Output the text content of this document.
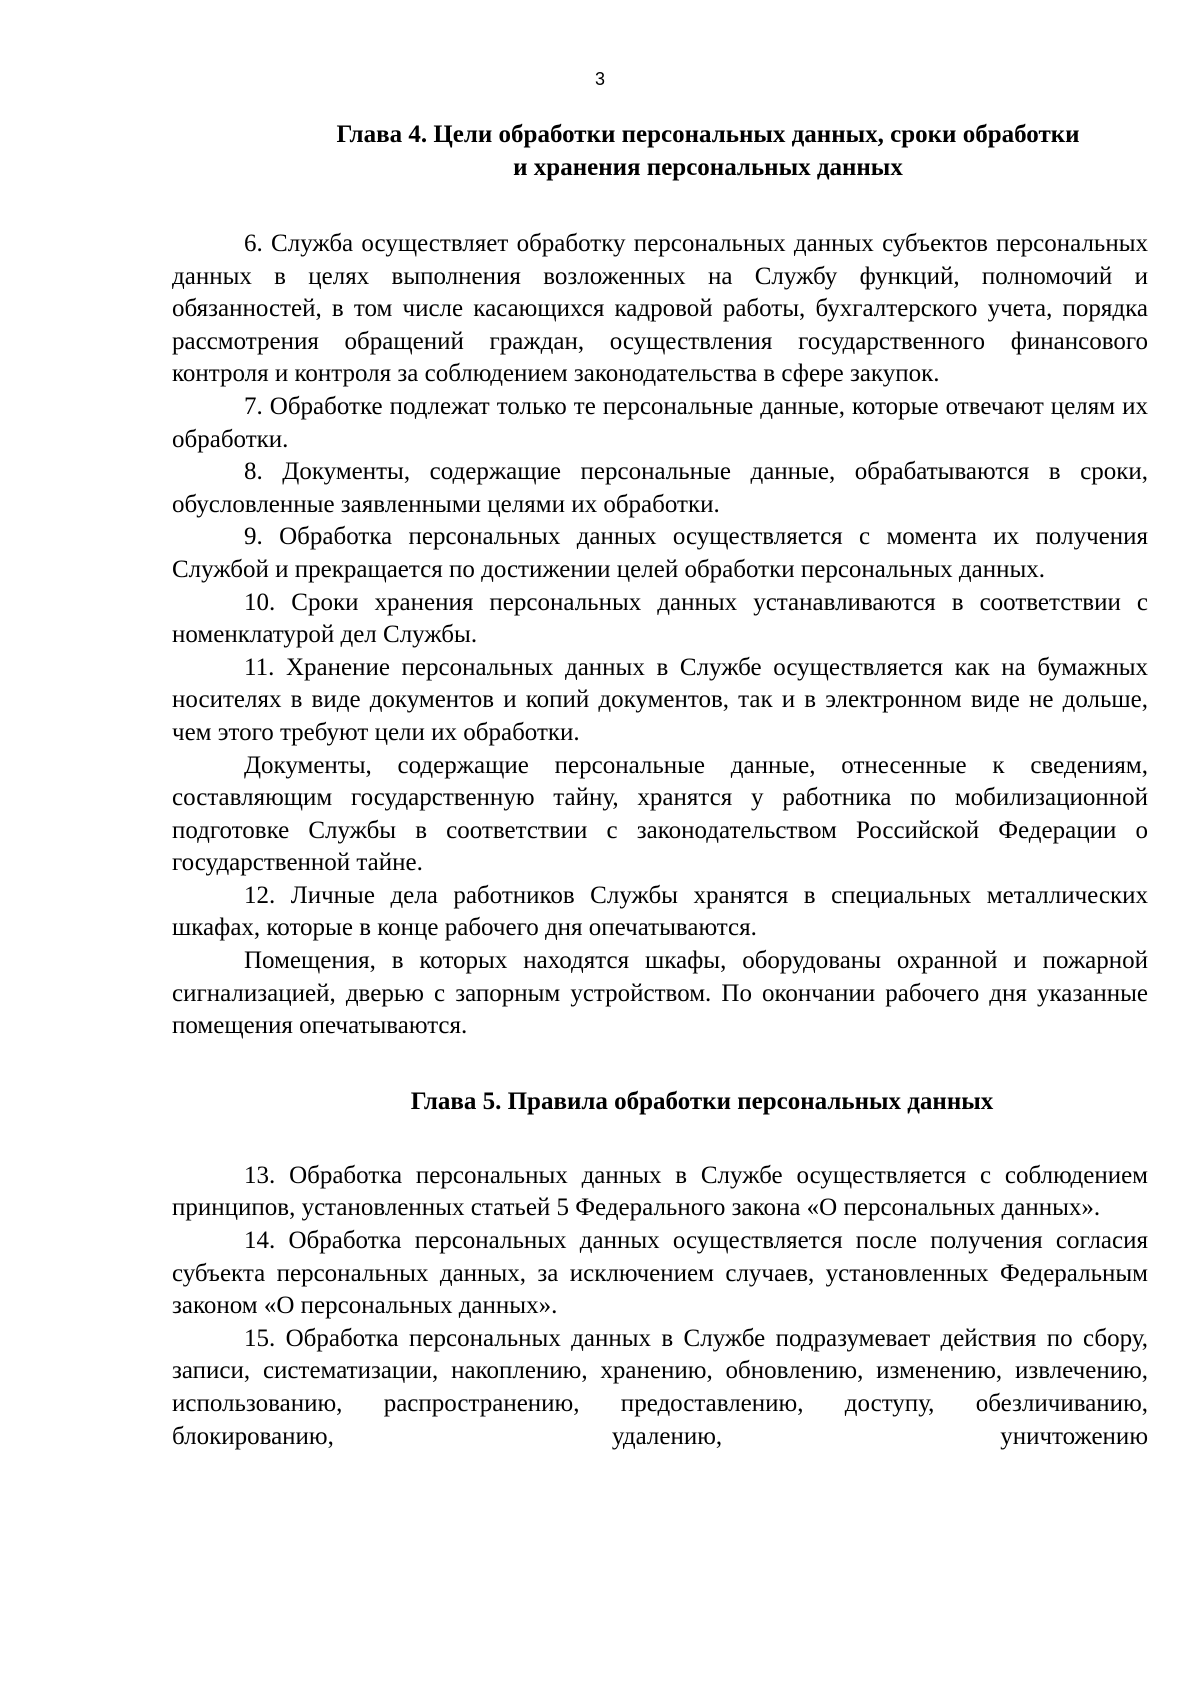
3
Глава 4. Цели обработки персональных данных, сроки обработки
и хранения персональных данных

6. Служба осуществляет обработку персональных данных субъектов персональных данных в целях выполнения возложенных на Службу функций, полномочий и обязанностей, в том числе касающихся кадровой работы, бухгалтерского учета, порядка рассмотрения обращений граждан, осуществления государственного финансового контроля и контроля за соблюдением законодательства в сфере закупок.

7. Обработке подлежат только те персональные данные, которые отвечают целям их обработки.

8. Документы, содержащие персональные данные, обрабатываются в сроки, обусловленные заявленными целями их обработки.

9. Обработка персональных данных осуществляется с момента их получения Службой и прекращается по достижении целей обработки персональных данных.

10. Сроки хранения персональных данных устанавливаются в соответствии с номенклатурой дел Службы.

11. Хранение персональных данных в Службе осуществляется как на бумажных носителях в виде документов и копий документов, так и в электронном виде не дольше, чем этого требуют цели их обработки.

Документы, содержащие персональные данные, отнесенные к сведениям, составляющим государственную тайну, хранятся у работника по мобилизационной подготовке Службы в соответствии с законодательством Российской Федерации о государственной тайне.

12. Личные дела работников Службы хранятся в специальных металлических шкафах, которые в конце рабочего дня опечатываются.

Помещения, в которых находятся шкафы, оборудованы охранной и пожарной сигнализацией, дверью с запорным устройством. По окончании рабочего дня указанные помещения опечатываются.

Глава 5. Правила обработки персональных данных

13. Обработка персональных данных в Службе осуществляется с соблюдением принципов, установленных статьей 5 Федерального закона «О персональных данных».

14. Обработка персональных данных осуществляется после получения согласия субъекта персональных данных, за исключением случаев, установленных Федеральным законом «О персональных данных».

15. Обработка персональных данных в Службе подразумевает действия по сбору, записи, систематизации, накоплению, хранению, обновлению, изменению, извлечению, использованию, распространению, предоставлению, доступу, обезличиванию, блокированию, удалению, уничтожению
